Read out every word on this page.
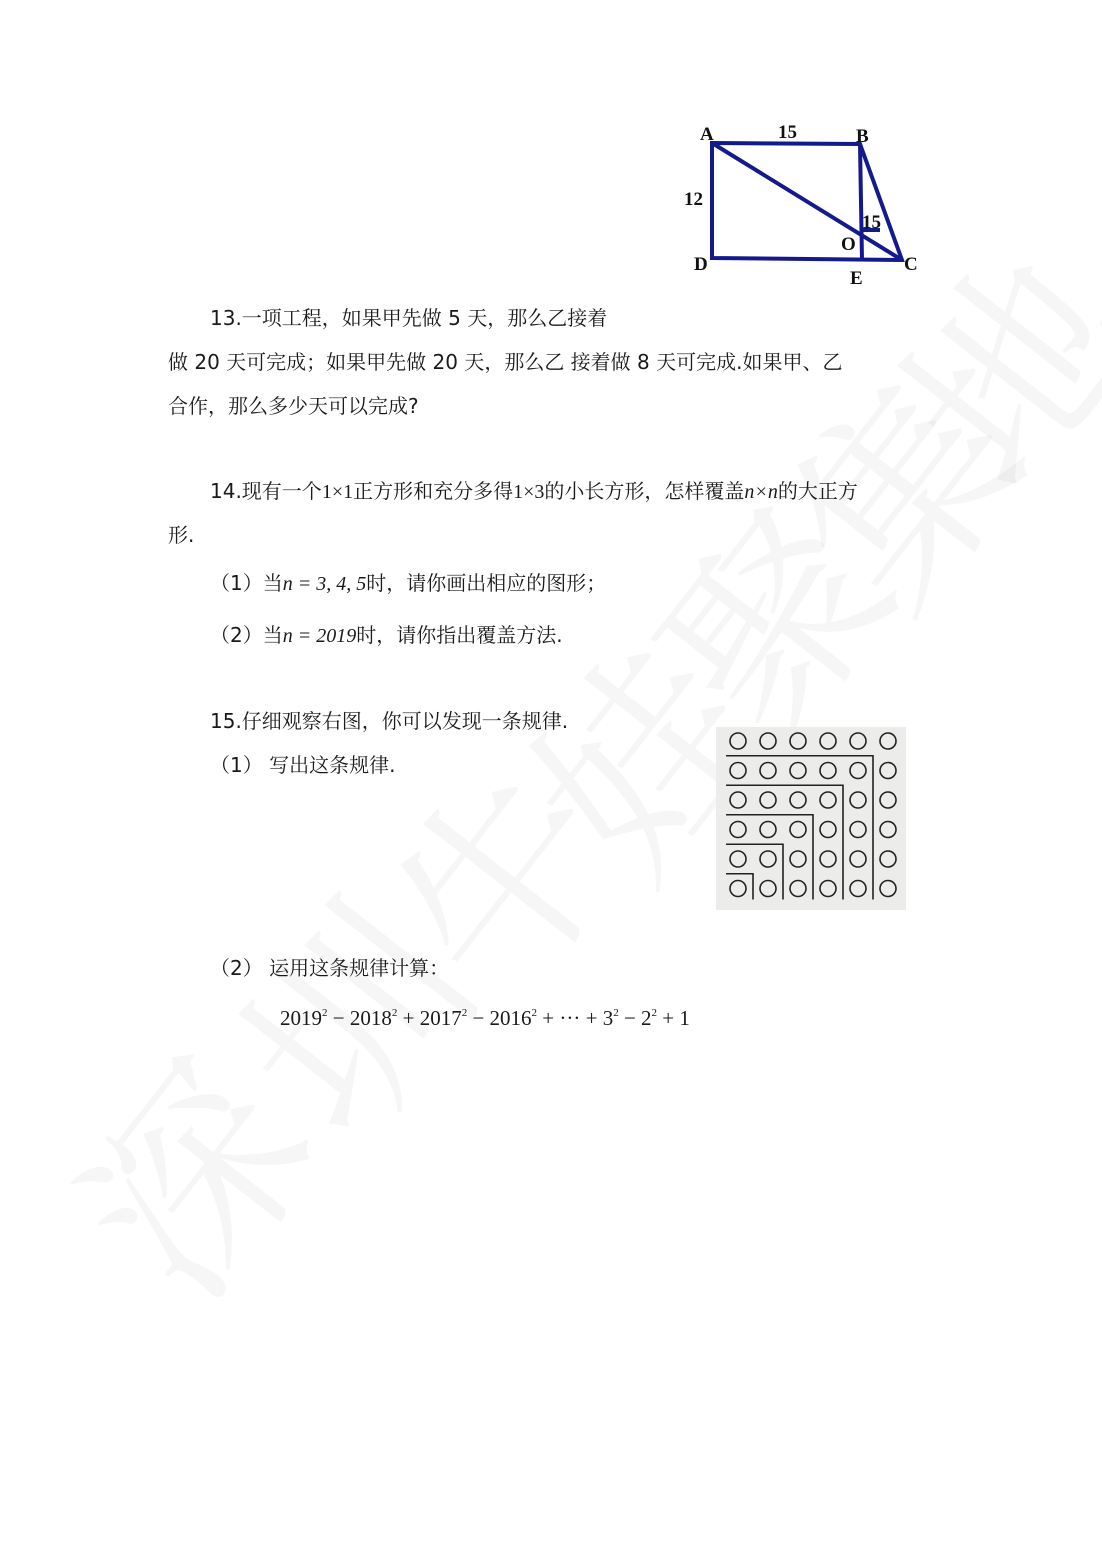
A	15	B
12
15
O
D	C
E
13.一项工程，如果甲先做 5 天，那么乙接着
做 20 天可完成；如果甲先做 20 天，那么乙 接着做 8 天可完成.如果甲、乙
合作，那么多少天可以完成?
14.现有一个1×1正方形和充分多得1×3的小长方形，怎样覆盖n×n的大正方
形.
（1）当n = 3, 4, 5时，请你画出相应的图形；
（2）当n = 2019时，请你指出覆盖方法.
15.仔细观察右图，你可以发现一条规律.
（1） 写出这条规律.
（2） 运用这条规律计算：
$2019^2 - 2018^2 + 2017^2 - 2016^2$ + ··· + $3^2 - 2^2 + 1$
